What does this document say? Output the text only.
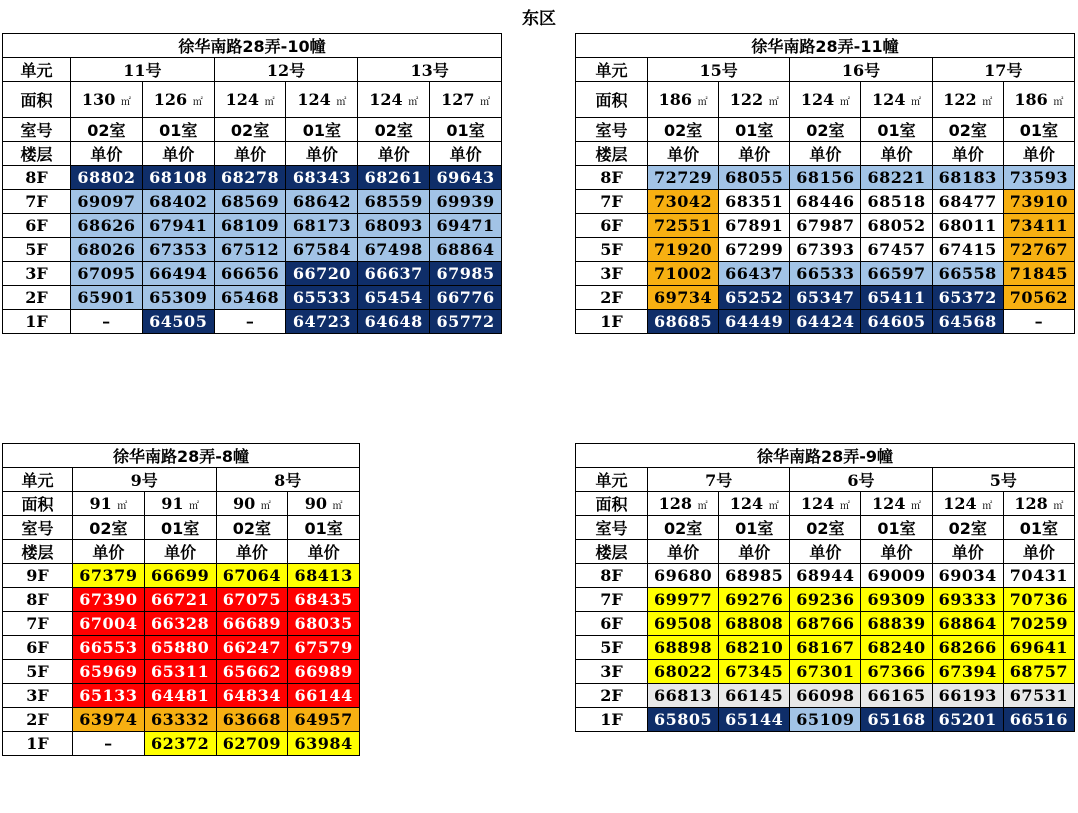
东区
徐华南路28弄-10幢						
单元	11号		12号		13号	
面积	130 ㎡	126 ㎡	124 ㎡	124 ㎡	124 ㎡	127 ㎡
室号	02室	01室	02室	01室	02室	01室
楼层	单价	单价	单价	单价	单价	单价
8F	68802	68108	68278	68343	68261	69643
7F	69097	68402	68569	68642	68559	69939
6F	68626	67941	68109	68173	68093	69471
5F	68026	67353	67512	67584	67498	68864
3F	67095	66494	66656	66720	66637	67985
2F	65901	65309	65468	65533	65454	66776
1F	–	64505	–	64723	64648	65772
徐华南路28弄-11幢						
单元	15号		16号		17号	
面积	186 ㎡	122 ㎡	124 ㎡	124 ㎡	122 ㎡	186 ㎡
室号	02室	01室	02室	01室	02室	01室
楼层	单价	单价	单价	单价	单价	单价
8F	72729	68055	68156	68221	68183	73593
7F	73042	68351	68446	68518	68477	73910
6F	72551	67891	67987	68052	68011	73411
5F	71920	67299	67393	67457	67415	72767
3F	71002	66437	66533	66597	66558	71845
2F	69734	65252	65347	65411	65372	70562
1F	68685	64449	64424	64605	64568	–
徐华南路28弄-8幢				
单元	9号		8号	
面积	91 ㎡	91 ㎡	90 ㎡	90 ㎡
室号	02室	01室	02室	01室
楼层	单价	单价	单价	单价
9F	67379	66699	67064	68413
8F	67390	66721	67075	68435
7F	67004	66328	66689	68035
6F	66553	65880	66247	67579
5F	65969	65311	65662	66989
3F	65133	64481	64834	66144
2F	63974	63332	63668	64957
1F	–	62372	62709	63984
徐华南路28弄-9幢						
单元	7号		6号		5号	
面积	128 ㎡	124 ㎡	124 ㎡	124 ㎡	124 ㎡	128 ㎡
室号	02室	01室	02室	01室	02室	01室
楼层	单价	单价	单价	单价	单价	单价
8F	69680	68985	68944	69009	69034	70431
7F	69977	69276	69236	69309	69333	70736
6F	69508	68808	68766	68839	68864	70259
5F	68898	68210	68167	68240	68266	69641
3F	68022	67345	67301	67366	67394	68757
2F	66813	66145	66098	66165	66193	67531
1F	65805	65144	65109	65168	65201	66516
